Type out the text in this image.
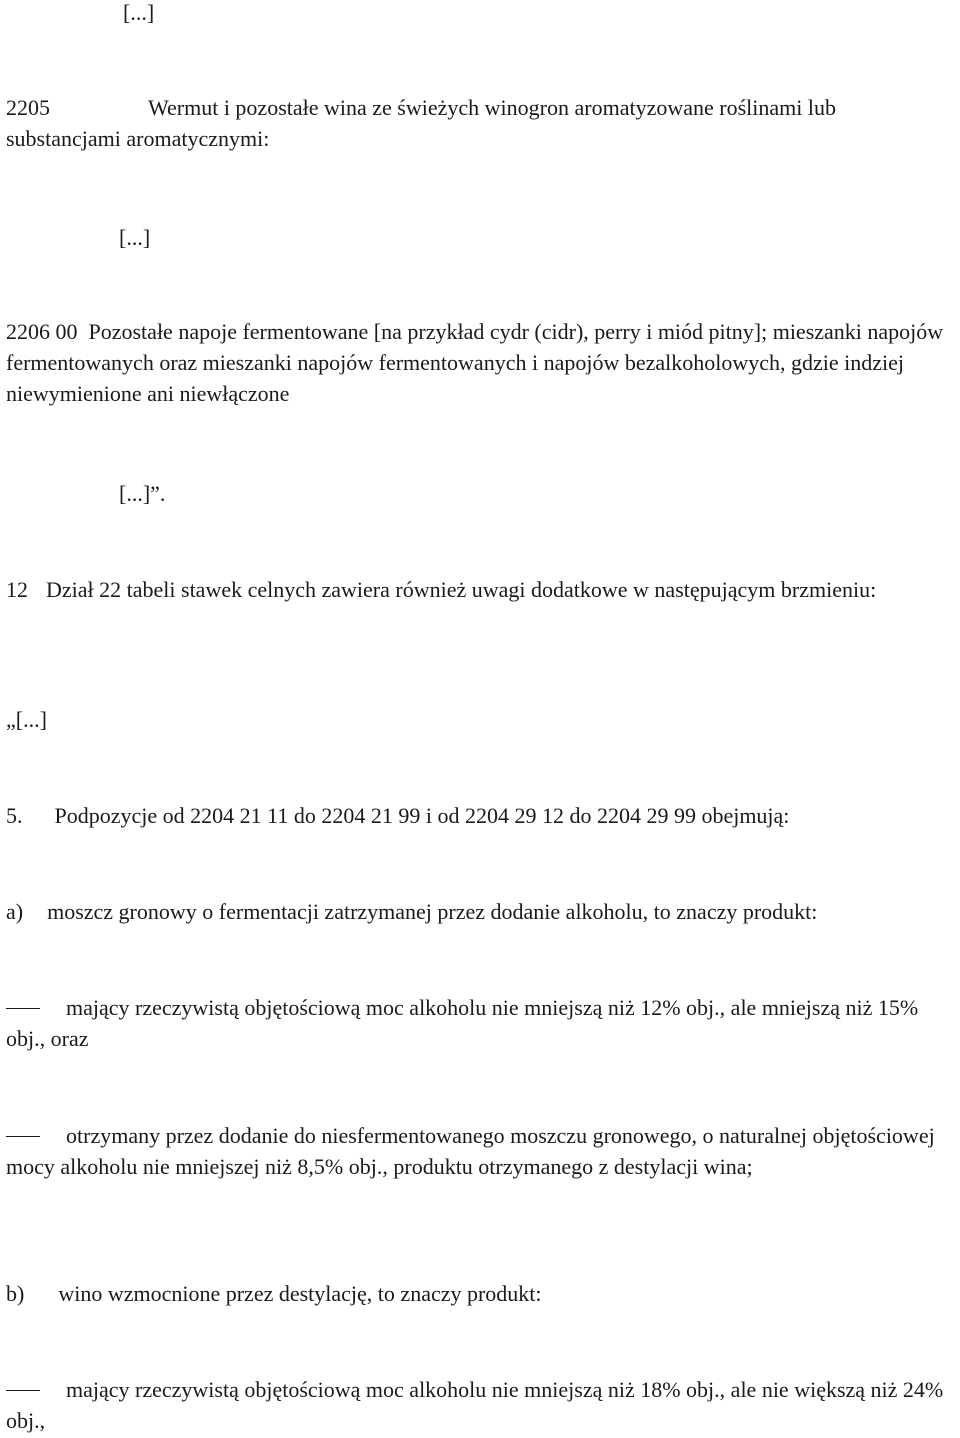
[...]

2205	Wermut i pozostałe wina ze świeżych winogron aromatyzowane roślinami lub substancjami aromatycznymi:

[...]

2206 00 Pozostałe napoje fermentowane [na przykład cydr (cidr), perry i miód pitny]; mieszanki napojów fermentowanych oraz mieszanki napojów fermentowanych i napojów bezalkoholowych, gdzie indziej niewymienione ani niewłączone

[...]”.

12 Dział 22 tabeli stawek celnych zawiera również uwagi dodatkowe w następującym brzmieniu:

„[...]

5. Podpozycje od 2204 21 11 do 2204 21 99 i od 2204 29 12 do 2204 29 99 obejmują:

a) moszcz gronowy o fermentacji zatrzymanej przez dodanie alkoholu, to znaczy produkt:

mający rzeczywistą objętościową moc alkoholu nie mniejszą niż 12% obj., ale mniejszą niż 15% obj., oraz

otrzymany przez dodanie do niesfermentowanego moszczu gronowego, o naturalnej objętościowej mocy alkoholu nie mniejszej niż 8,5% obj., produktu otrzymanego z destylacji wina;

b) wino wzmocnione przez destylację, to znaczy produkt:

mający rzeczywistą objętościową moc alkoholu nie mniejszą niż 18% obj., ale nie większą niż 24% obj.,
